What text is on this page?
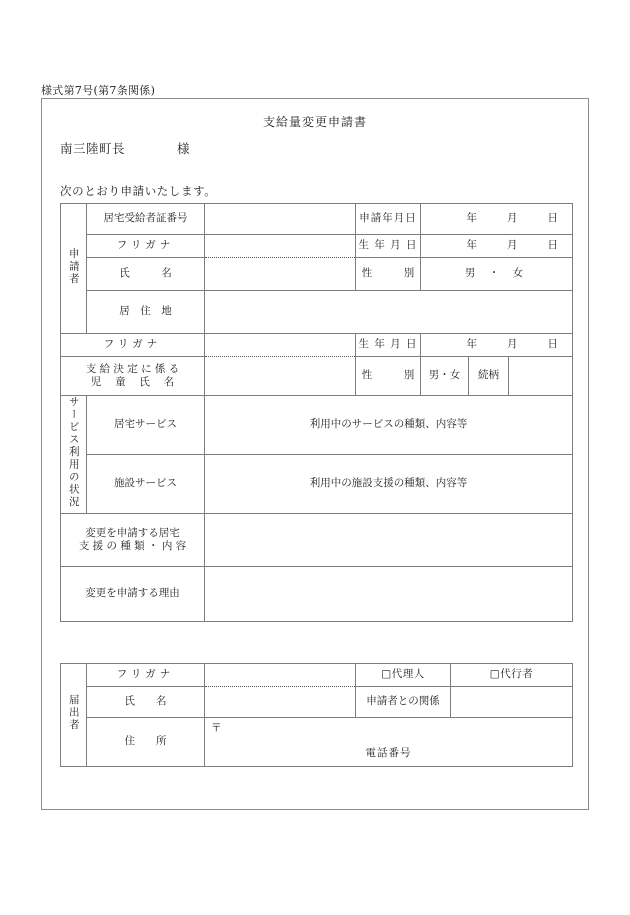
様式第7号(第7条関係)
支給量変更申請書
南三陸町長	様
次のとおり申請いたします。
申請者	居宅受給者証番号		申請年月日	年 月 日		

	フリガナ		生 年 月 日	年 月 日		

	氏　　　名		性　　　別	男 ・ 女		
	居　住　地					
フリガナ			生 年 月 日	年 月 日		

支 給 決 定 に 係 る
児　 童　 氏　 名			性　　　別	男・女	続柄	
サービス利用の状況	居宅サービス	利用中のサービスの種類、内容等				
	施設サービス	利用中の施設支援の種類、内容等				

変更を申請する居宅
支 援 の 種 類 ・ 内 容						

変更を申請する理由						
届出者	フリガナ		□代理人	□代行者
	氏　　名		申請者との関係	
	住　　所	〒
電話番号		
